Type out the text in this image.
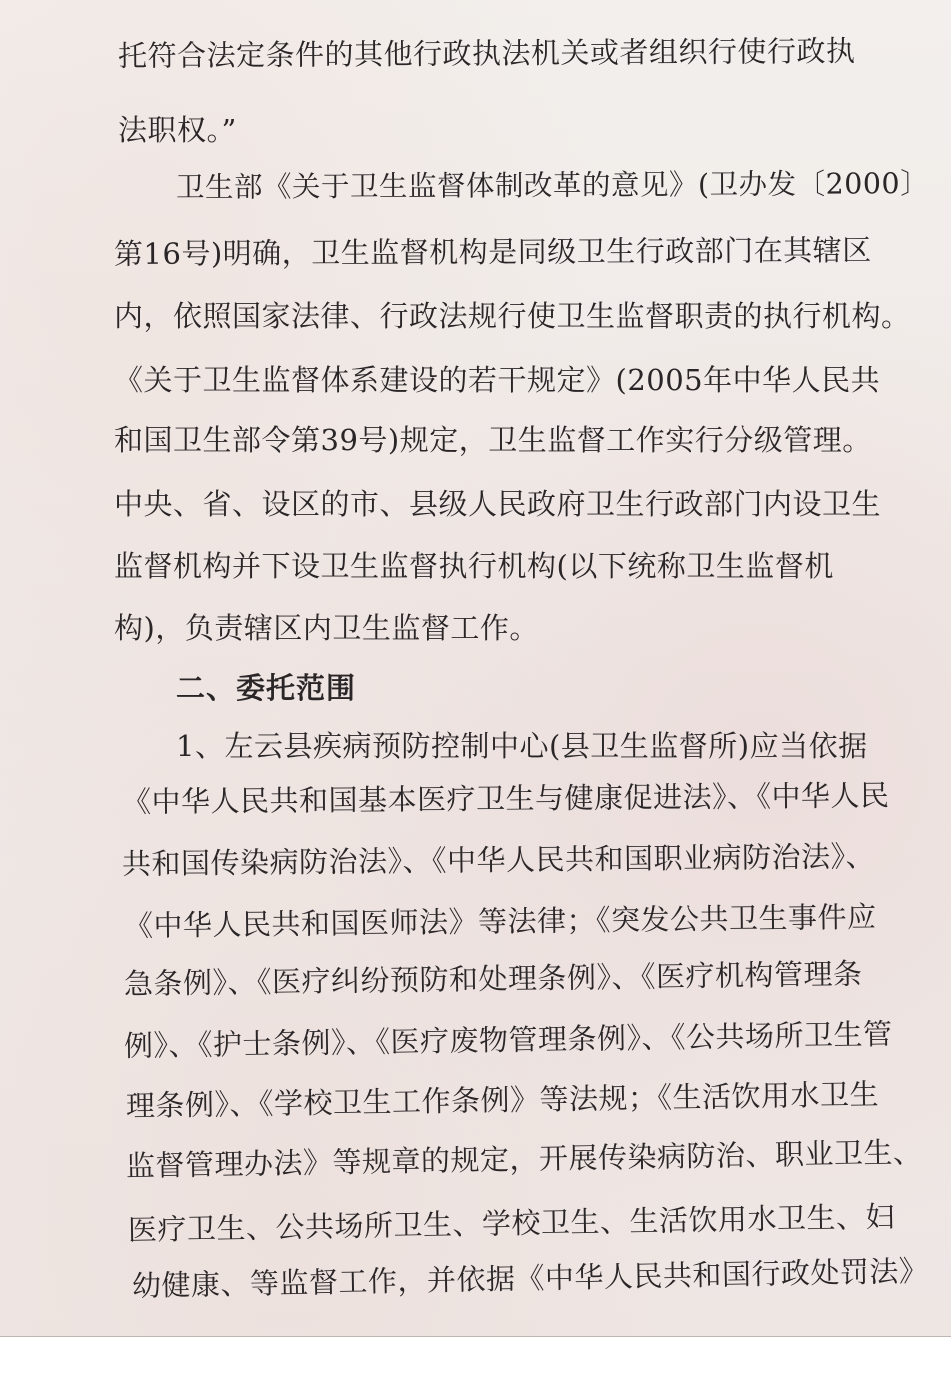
托符合法定条件的其他行政执法机关或者组织行使行政执
法职权。”
卫生部《关于卫生监督体制改革的意见》(卫办发〔2000〕
第16号)明确，卫生监督机构是同级卫生行政部门在其辖区
内，依照国家法律、行政法规行使卫生监督职责的执行机构。
《关于卫生监督体系建设的若干规定》(2005年中华人民共
和国卫生部令第39号)规定，卫生监督工作实行分级管理。
中央、省、设区的市、县级人民政府卫生行政部门内设卫生
监督机构并下设卫生监督执行机构(以下统称卫生监督机
构)，负责辖区内卫生监督工作。
二、委托范围
1、左云县疾病预防控制中心(县卫生监督所)应当依据
《中华人民共和国基本医疗卫生与健康促进法》、《中华人民
共和国传染病防治法》、《中华人民共和国职业病防治法》、
《中华人民共和国医师法》等法律；《突发公共卫生事件应
急条例》、《医疗纠纷预防和处理条例》、《医疗机构管理条
例》、《护士条例》、《医疗废物管理条例》、《公共场所卫生管
理条例》、《学校卫生工作条例》等法规；《生活饮用水卫生
监督管理办法》等规章的规定，开展传染病防治、职业卫生、
医疗卫生、公共场所卫生、学校卫生、生活饮用水卫生、妇
幼健康、等监督工作，并依据《中华人民共和国行政处罚法》
